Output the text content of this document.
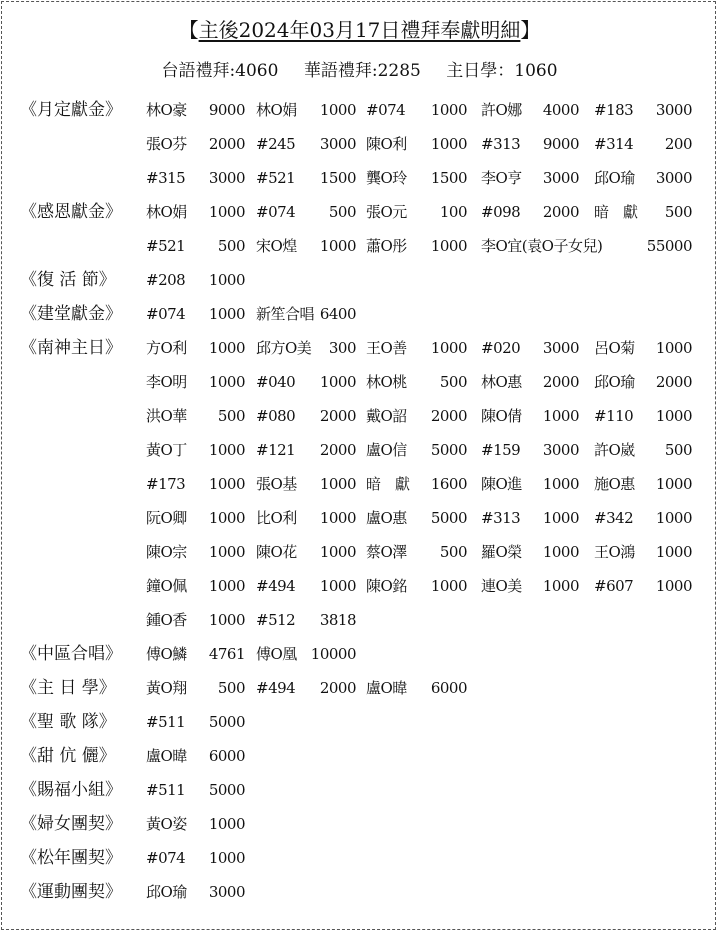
【主後2024年03月17日禮拜奉獻明細】
台語禮拜:4060 華語禮拜:2285 主日學：1060
《月定獻金》	林O豪 9000 林O娟 1000 #074 1000 許O娜 4000 #183 3000
張O芬 2000 #245 3000 陳O利 1000 #313 9000 #314 200
#315 3000 #521 1500 龔O玲 1500 李O亨 3000 邱O瑜 3000
《感恩獻金》	林O娟 1000 #074 500 張O元 100 #098 2000 暗　獻 500
#521 500 宋O煌 1000 蕭O彤 1000 李O宜(袁O子女兒)	55000
《復 活 節》	#208 1000
《建堂獻金》	#074 1000 新笙合唱 6400
《南神主日》	方O利 1000 邱方O美 300 王O善 1000 #020 3000 呂O菊 1000
李O明 1000 #040 1000 林O桃 500 林O惠 2000 邱O瑜 2000
洪O華 500 #080 2000 戴O詔 2000 陳O倩 1000 #110 1000
黃O丁 1000 #121 2000 盧O信 5000 #159 3000 許O崴 500
#173 1000 張O基 1000 暗　獻 1600 陳O進 1000 施O惠 1000
阮O卿 1000 比O利 1000 盧O惠 5000 #313 1000 #342 1000
陳O宗 1000 陳O花 1000 蔡O澤 500 羅O榮 1000 王O鴻 1000
鐘O佩 1000 #494 1000 陳O銘 1000 連O美 1000 #607 1000
鍾O香 1000 #512 3818
《中區合唱》	傅O鱗 4761 傅O凰 10000
《主 日 學》	黃O翔 500 #494 2000 盧O暐 6000
《聖 歌 隊》	#511 5000
《甜 伉 儷》	盧O暐 6000
《賜福小組》	#511 5000
《婦女團契》	黃O姿 1000
《松年團契》	#074 1000
《運動團契》	邱O瑜 3000
